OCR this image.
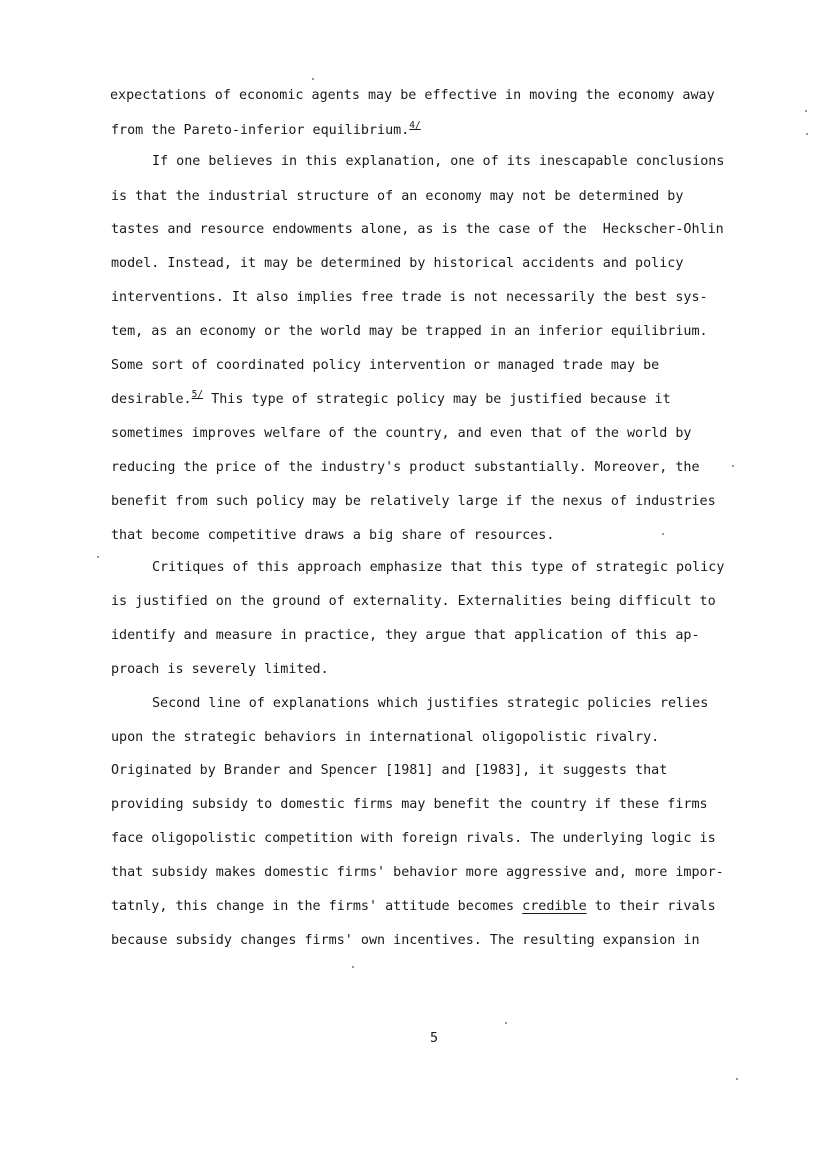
expectations of economic agents may be effective in moving the economy away
from the Pareto-inferior equilibrium.$^{4/}$
If one believes in this explanation, one of its inescapable conclusions
is that the industrial structure of an economy may not be determined by
tastes and resource endowments alone, as is the case of the  Heckscher-Ohlin
model. Instead, it may be determined by historical accidents and policy
interventions. It also implies free trade is not necessarily the best sys-
tem, as an economy or the world may be trapped in an inferior equilibrium.
Some sort of coordinated policy intervention or managed trade may be
desirable.$^{5/}$ This type of strategic policy may be justified because it
sometimes improves welfare of the country, and even that of the world by
reducing the price of the industry's product substantially. Moreover, the
benefit from such policy may be relatively large if the nexus of industries
that become competitive draws a big share of resources.
Critiques of this approach emphasize that this type of strategic policy
is justified on the ground of externality. Externalities being difficult to
identify and measure in practice, they argue that application of this ap-
proach is severely limited.
Second line of explanations which justifies strategic policies relies
upon the strategic behaviors in international oligopolistic rivalry.
Originated by Brander and Spencer [1981] and [1983], it suggests that
providing subsidy to domestic firms may benefit the country if these firms
face oligopolistic competition with foreign rivals. The underlying logic is
that subsidy makes domestic firms' behavior more aggressive and, more impor-
tatnly, this change in the firms' attitude becomes credible to their rivals
because subsidy changes firms' own incentives. The resulting expansion in
5
